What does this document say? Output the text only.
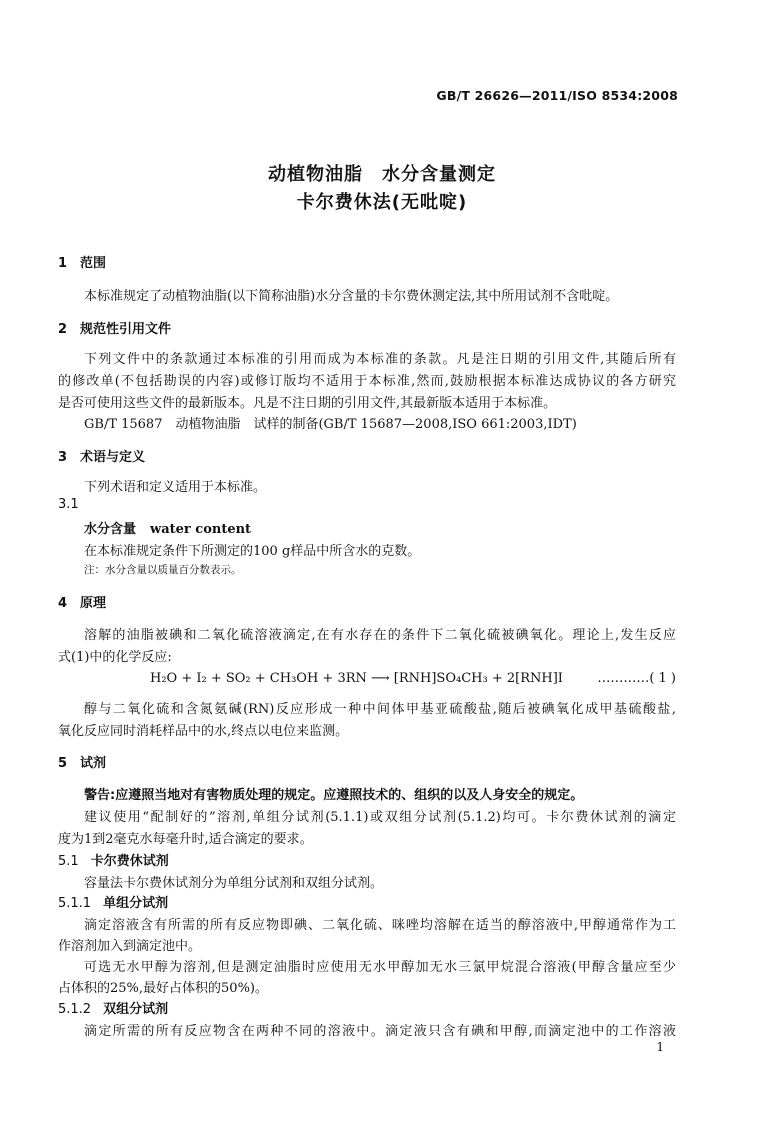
GB/T 26626—2011/ISO 8534:2008
动植物油脂　水分含量测定
卡尔费休法(无吡啶)
1 范围
本标准规定了动植物油脂(以下简称油脂)水分含量的卡尔费休测定法,其中所用试剂不含吡啶。
2 规范性引用文件
下列文件中的条款通过本标准的引用而成为本标准的条款。凡是注日期的引用文件,其随后所有
的修改单(不包括勘误的内容)或修订版均不适用于本标准,然而,鼓励根据本标准达成协议的各方研究
是否可使用这些文件的最新版本。凡是不注日期的引用文件,其最新版本适用于本标准。
GB/T 15687　动植物油脂　试样的制备(GB/T 15687—2008,ISO 661:2003,IDT)
3 术语与定义
下列术语和定义适用于本标准。
3.1
水分含量 water content
在本标准规定条件下所测定的100 g样品中所含水的克数。
注：水分含量以质量百分数表示。
4 原理
溶解的油脂被碘和二氧化硫溶液滴定,在有水存在的条件下二氧化硫被碘氧化。理论上,发生反应
式(1)中的化学反应:
H₂O + I₂ + SO₂ + CH₃OH + 3RN ⟶ [RNH]SO₄CH₃ + 2[RNH]I	…………( 1 )
醇与二氧化硫和含氮氨碱(RN)反应形成一种中间体甲基亚硫酸盐,随后被碘氧化成甲基硫酸盐,
氧化反应同时消耗样品中的水,终点以电位来监测。
5 试剂
警告:应遵照当地对有害物质处理的规定。应遵照技术的、组织的以及人身安全的规定。
建议使用“配制好的”溶剂,单组分试剂(5.1.1)或双组分试剂(5.1.2)均可。卡尔费休试剂的滴定
度为1到2毫克水每毫升时,适合滴定的要求。
5.1 卡尔费休试剂
容量法卡尔费休试剂分为单组分试剂和双组分试剂。
5.1.1 单组分试剂
滴定溶液含有所需的所有反应物即碘、二氧化硫、咪唑均溶解在适当的醇溶液中,甲醇通常作为工
作溶剂加入到滴定池中。
可选无水甲醇为溶剂,但是测定油脂时应使用无水甲醇加无水三氯甲烷混合溶液(甲醇含量应至少
占体积的25%,最好占体积的50%)。
5.1.2 双组分试剂
滴定所需的所有反应物含在两种不同的溶液中。滴定液只含有碘和甲醇,而滴定池中的工作溶液
1
